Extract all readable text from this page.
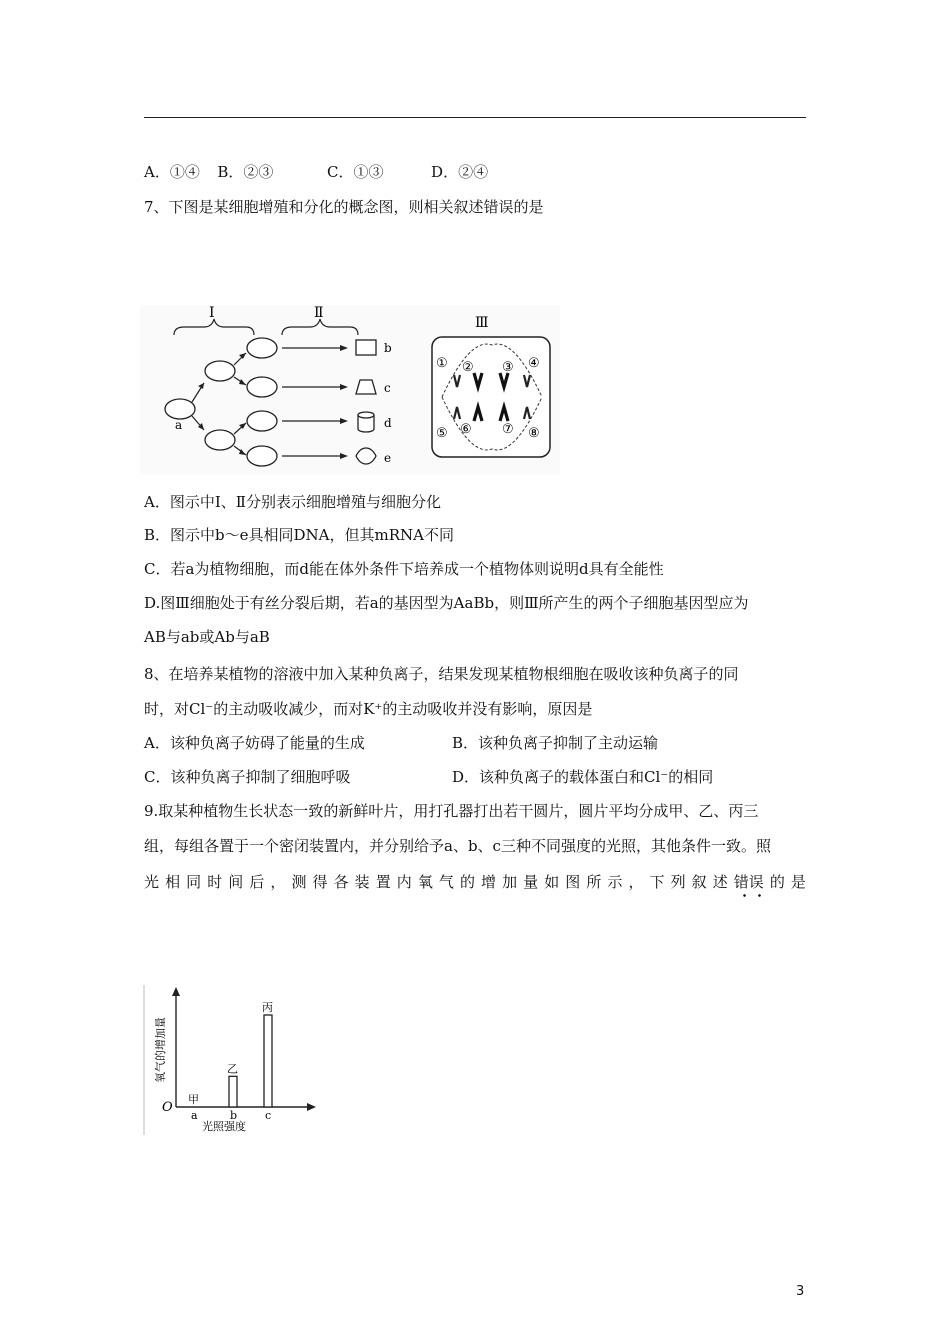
A．①④ B．②③	C．①③	D．②④
7、下图是某细胞增殖和分化的概念图，则相关叙述错误的是
Ⅰ	Ⅱ
a
b
c
d
e
Ⅲ
① ② ③ ④
⑤ ⑥ ⑦ ⑧
A．图示中Ⅰ、Ⅱ分别表示细胞增殖与细胞分化
B．图示中b～e具相同DNA，但其mRNA不同
C．若a为植物细胞，而d能在体外条件下培养成一个植物体则说明d具有全能性
D.图Ⅲ细胞处于有丝分裂后期，若a的基因型为AaBb，则Ⅲ所产生的两个子细胞基因型应为
AB与ab或Ab与aB
8、在培养某植物的溶液中加入某种负离子，结果发现某植物根细胞在吸收该种负离子的同
时，对Cl⁻的主动吸收减少，而对K⁺的主动吸收并没有影响，原因是
A．该种负离子妨碍了能量的生成	B．该种负离子抑制了主动运输
C．该种负离子抑制了细胞呼吸	D．该种负离子的载体蛋白和Cl⁻的相同
9.取某种植物生长状态一致的新鲜叶片，用打孔器打出若干圆片，圆片平均分成甲、乙、丙三
组，每组各置于一个密闭装置内，并分别给予a、b、c三种不同强度的光照，其他条件一致。照
光 相 同 时 间 后 ， 测 得 各 装 置 内 氧 气 的 增 加 量 如 图 所 示 ， 下 列 叙 述 错误 的 是
O
氧气的增加量
光照强度
甲
a
乙
b
丙
c
3
